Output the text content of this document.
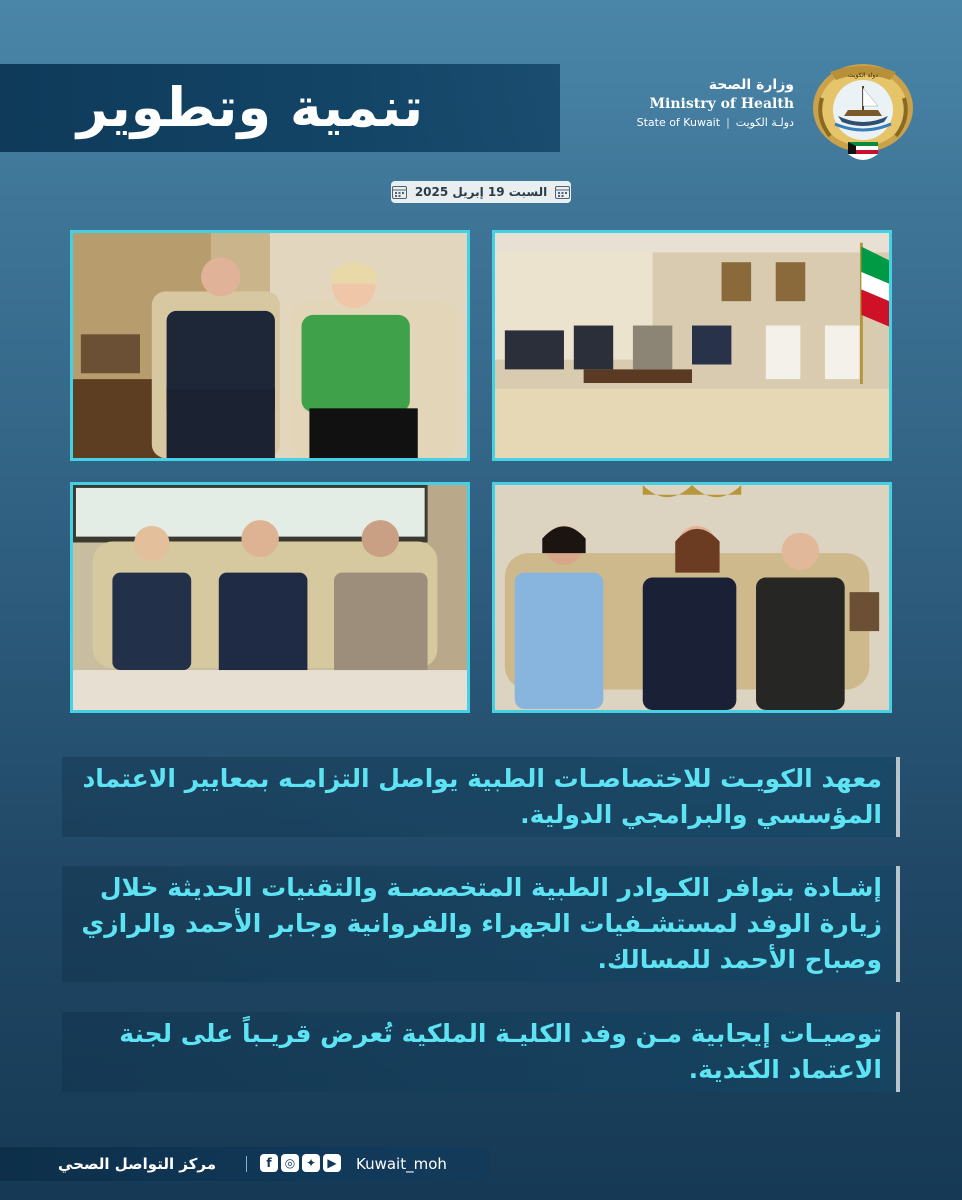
تنمية وتطوير	وزارة الصحة
Ministry of Health
State of Kuwait | دولـة الكويت
دولة الكويت
السبت 19 إبريل 2025
معهد الكويـت للاختصاصـات الطبية يواصل التزامـه بمعايير الاعتماد المؤسسي والبرامجي الدولية.
إشـادة بتوافر الكـوادر الطبية المتخصصـة والتقنيات الحديثة خلال زيارة الوفد لمستشـفيات الجهراء والفروانية وجابر الأحمد والرازي وصباح الأحمد للمسالك.
توصيـات إيجابية مـن وفد الكليـة الملكية تُعرض قريـباً على لجنة الاعتماد الكندية.
مركز التواصل الصحي	f	◎ ✦ ▶ Kuwait_moh
